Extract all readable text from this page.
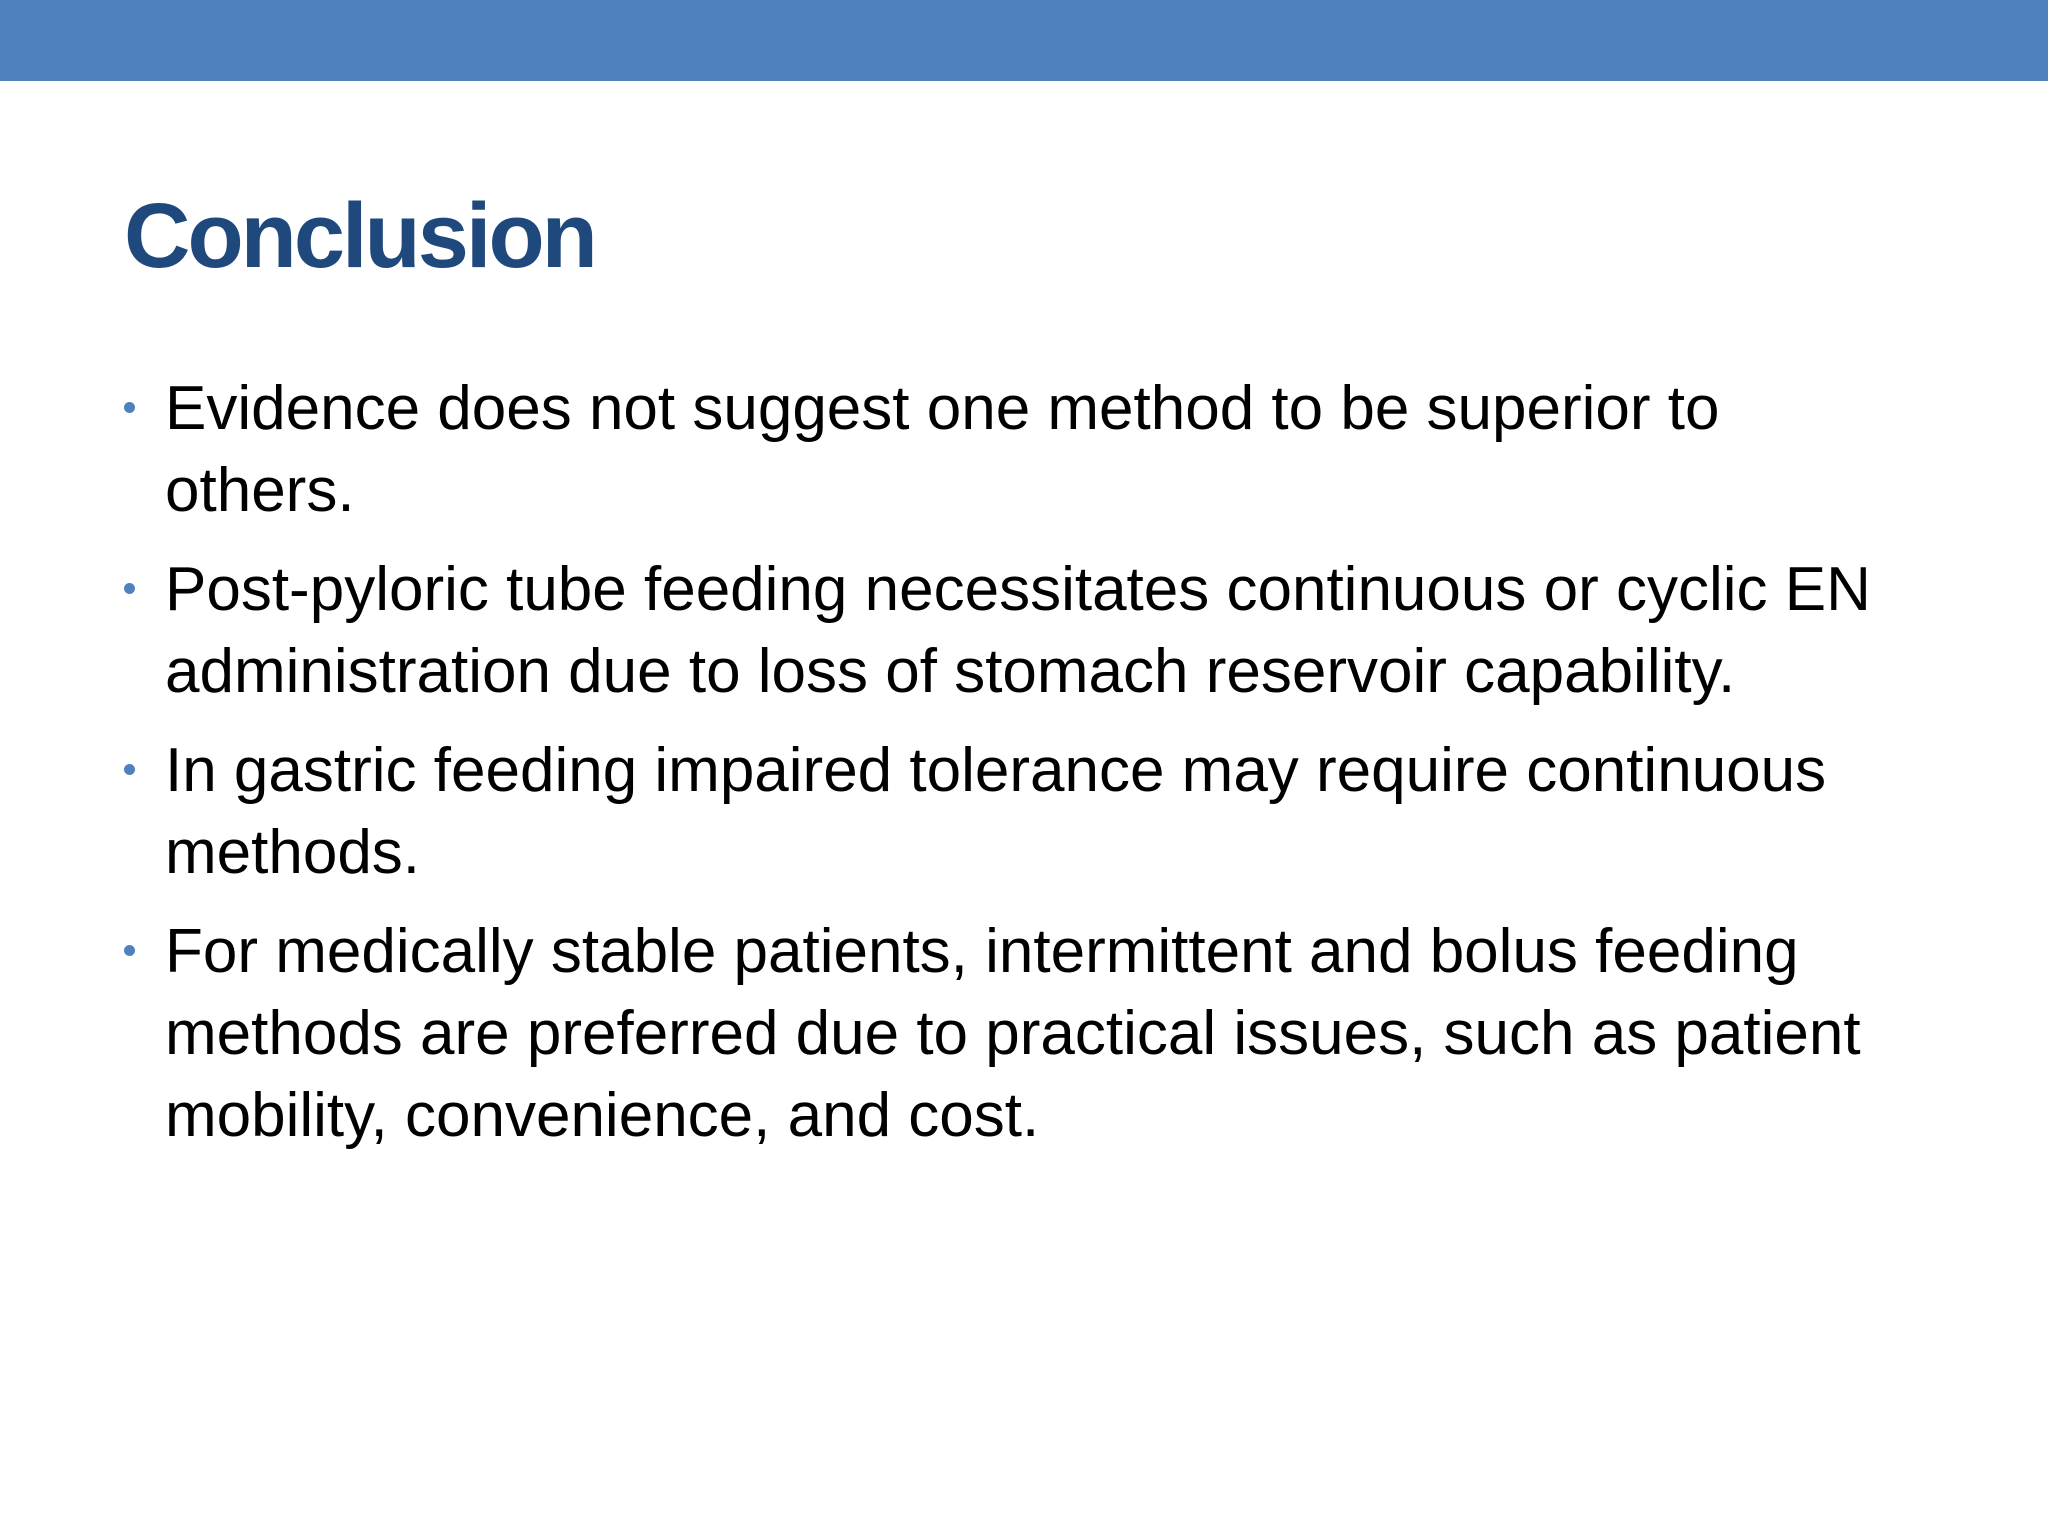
Conclusion
Evidence does not suggest one method to be superior to others.
Post-pyloric tube feeding necessitates continuous or cyclic EN administration due to loss of stomach reservoir capability.
In gastric feeding impaired tolerance may require continuous methods.
For medically stable patients, intermittent and bolus feeding methods are preferred due to practical issues, such as patient mobility, convenience, and cost.
